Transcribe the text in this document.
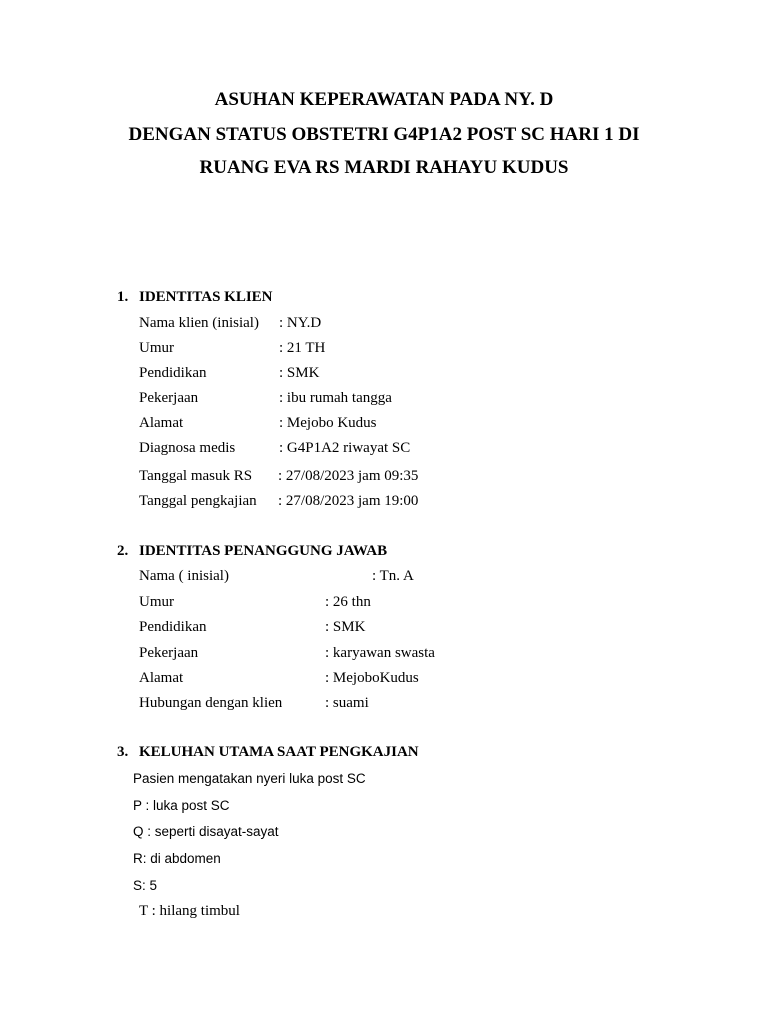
ASUHAN KEPERAWATAN PADA NY. D
DENGAN STATUS OBSTETRI G4P1A2 POST SC HARI 1 DI
RUANG EVA RS MARDI RAHAYU KUDUS
1. IDENTITAS KLIEN
Nama klien (inisial) : NY.D
Umur	: 21 TH
Pendidikan	: SMK
Pekerjaan	: ibu rumah tangga
Alamat	: Mejobo Kudus
Diagnosa medis	: G4P1A2 riwayat SC
Tanggal masuk RS : 27/08/2023 jam 09:35
Tanggal pengkajian : 27/08/2023 jam 19:00
2. IDENTITAS PENANGGUNG JAWAB
Nama ( inisial)	: Tn. A
Umur	: 26 thn
Pendidikan	: SMK
Pekerjaan	: karyawan swasta
Alamat	: MejoboKudus
Hubungan dengan klien	: suami
3. KELUHAN UTAMA SAAT PENGKAJIAN
Pasien mengatakan nyeri luka post SC
P : luka post SC
Q : seperti disayat-sayat
R: di abdomen
S: 5
T : hilang timbul
